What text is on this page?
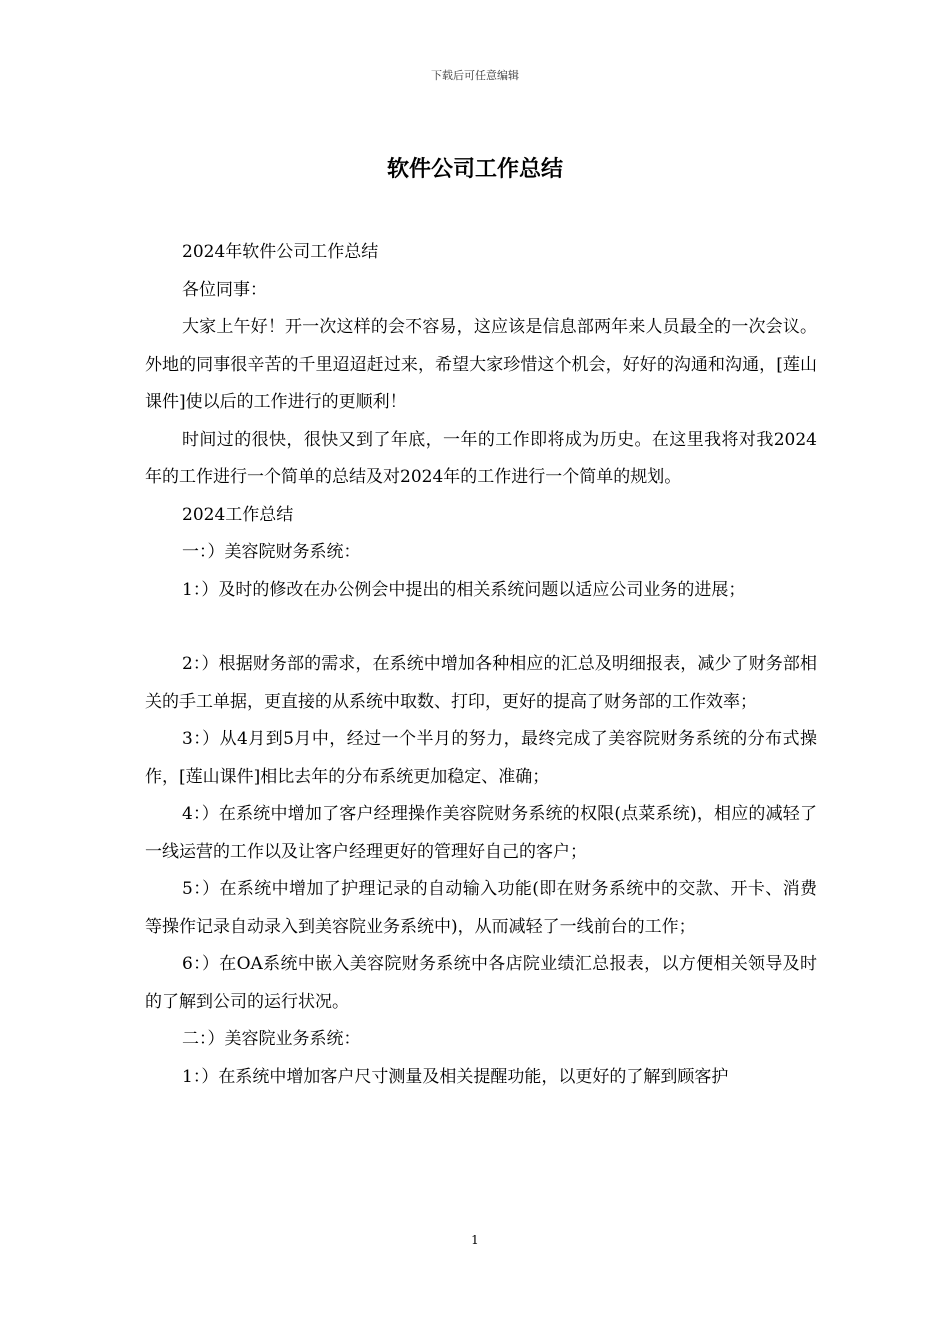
下载后可任意编辑
软件公司工作总结

2024年软件公司工作总结

各位同事：

大家上午好！开一次这样的会不容易，这应该是信息部两年来人员最全的一次会议。外地的同事很辛苦的千里迢迢赶过来，希望大家珍惜这个机会，好好的沟通和沟通，[莲山课件]使以后的工作进行的更顺利！

时间过的很快，很快又到了年底，一年的工作即将成为历史。在这里我将对我2024年的工作进行一个简单的总结及对2024年的工作进行一个简单的规划。

2024工作总结

一：）美容院财务系统：

1：）及时的修改在办公例会中提出的相关系统问题以适应公司业务的进展；

2：）根据财务部的需求，在系统中增加各种相应的汇总及明细报表，减少了财务部相关的手工单据，更直接的从系统中取数、打印，更好的提高了财务部的工作效率；

3：）从4月到5月中，经过一个半月的努力，最终完成了美容院财务系统的分布式操作，[莲山课件]相比去年的分布系统更加稳定、准确；

4：）在系统中增加了客户经理操作美容院财务系统的权限(点菜系统)，相应的减轻了一线运营的工作以及让客户经理更好的管理好自己的客户；

5：）在系统中增加了护理记录的自动输入功能(即在财务系统中的交款、开卡、消费等操作记录自动录入到美容院业务系统中)，从而减轻了一线前台的工作；

6：）在OA系统中嵌入美容院财务系统中各店院业绩汇总报表，以方便相关领导及时的了解到公司的运行状况。

二：）美容院业务系统：

1：）在系统中增加客户尺寸测量及相关提醒功能，以更好的了解到顾客护

1
